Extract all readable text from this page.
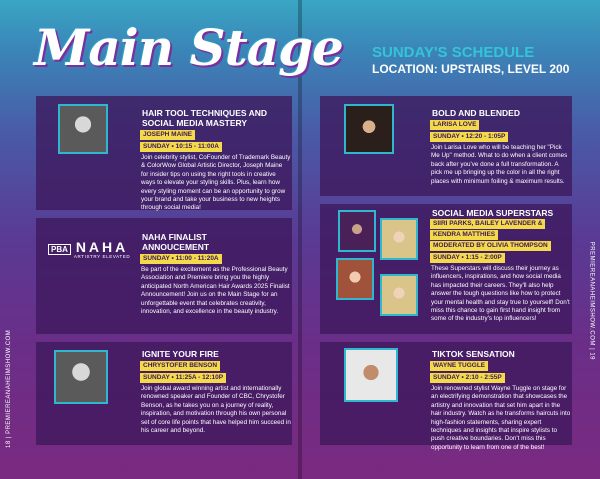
Main Stage SUNDAY'S SCHEDULE
LOCATION: UPSTAIRS, LEVEL 200
18 | PREMIEREANAHEIMSHOW.COM
PREMIEREANAHEIMSHOW.COM | 19
HAIR TOOL TECHNIQUES AND
SOCIAL MEDIA MASTERY
JOSEPH MAINE
SUNDAY • 10:15 - 11:00A
Join celebrity stylist, CoFounder of Trademark Beauty & ColorWow Global Artistic Director, Joseph Maine for insider tips on using the right tools in creative ways to elevate your styling skills. Plus, learn how every styling moment can be an opportunity to grow your brand and take your business to new heights through social media!
PBA NAHA
ARTISTRY ELEVATED
NAHA FINALIST
ANNOUCEMENT
SUNDAY • 11:00 - 11:20A
Be part of the excitement as the Professional Beauty Association and Premiere bring you the highly anticipated North American Hair Awards 2025 Finalist Announcement! Join us on the Main Stage for an unforgettable event that celebrates creativity, innovation, and excellence in the beauty industry.
IGNITE YOUR FIRE
CHRYSTOFER BENSON
SUNDAY • 11:25A - 12:10P
Join global award winning artist and internationally renowned speaker and Founder of CBC, Chrystofer Benson, as he takes you on a journey of reality, inspiration, and motivation through his own personal set of core life points that have helped him succeed in his career and beyond.
BOLD AND BLENDED
LARISA LOVE
SUNDAY • 12:20 - 1:05P
Join Larisa Love who will be teaching her "Pick Me Up" method. What to do when a client comes back after you've done a full transformation. A pick me up bringing up the color in all the right places with minimum foiling & maximum results.
SOCIAL MEDIA SUPERSTARS
SIIRI PARKS, BAILEY LAVENDER &
KENDRA MATTHIES
MODERATED BY OLIVIA THOMPSON
SUNDAY • 1:15 - 2:00P
These Superstars will discuss their journey as influencers, inspirations, and how social media has impacted their careers. They'll also help answer the tough questions like how to protect your mental health and stay true to yourself! Don't miss this chance to gain first hand insight from some of the industry's top influencers!
TIKTOK SENSATION
WAYNE TUGGLE
SUNDAY • 2:10 - 2:55P
Join renowned stylist Wayne Tuggle on stage for an electrifying demonstration that showcases the artistry and innovation that set him apart in the hair industry. Watch as he transforms haircuts into high-fashion statements, sharing expert techniques and insights that inspire stylists to push creative boundaries. Don't miss this opportunity to learn from one of the best!
